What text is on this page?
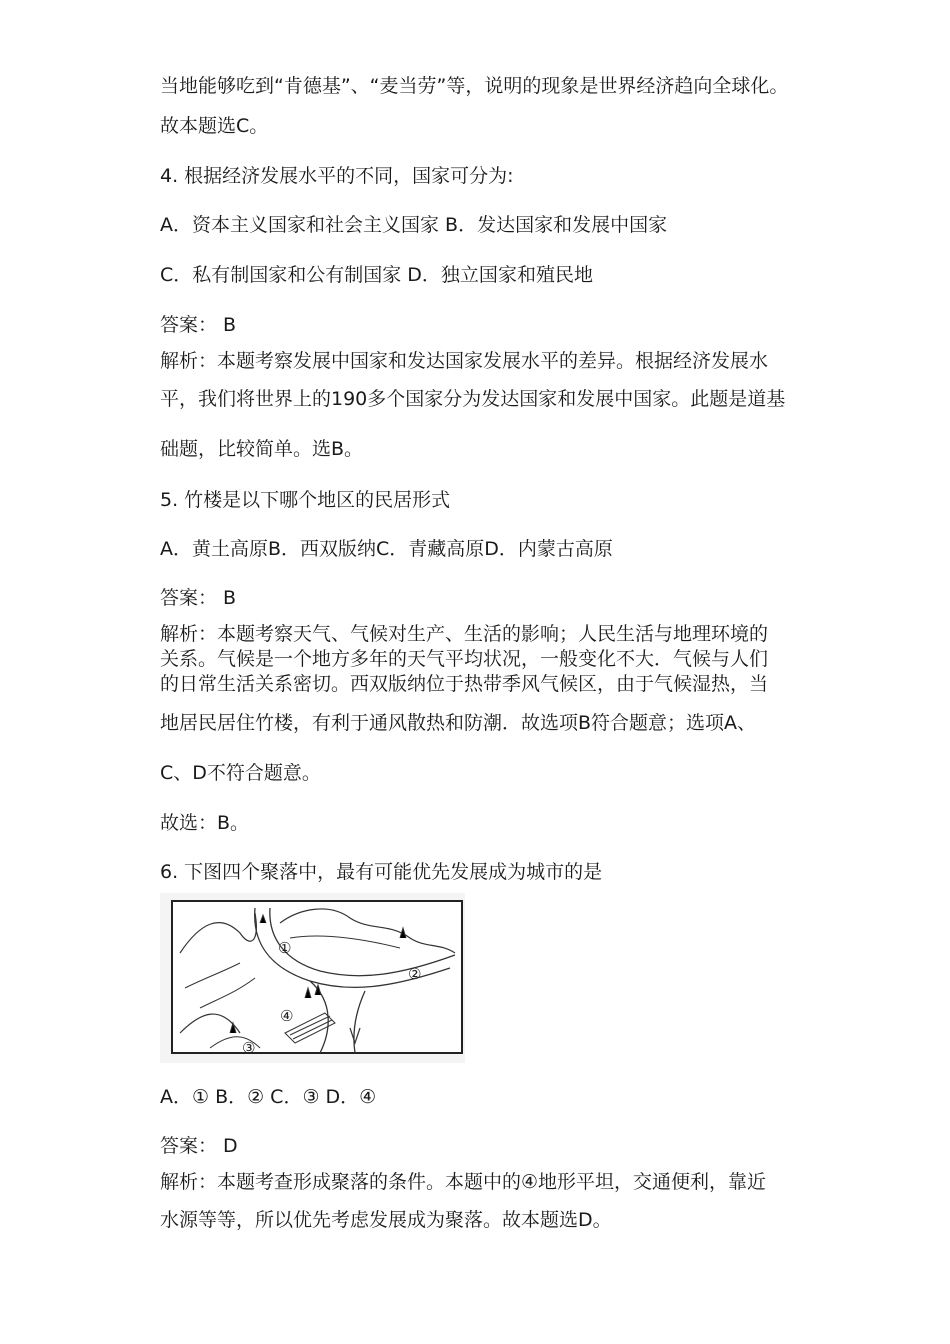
当地能够吃到“肯德基”、“麦当劳”等，说明的现象是世界经济趋向全球化。
故本题选C。
4. 根据经济发展水平的不同，国家可分为:
A．资本主义国家和社会主义国家 B．发达国家和发展中国家
C．私有制国家和公有制国家 D．独立国家和殖民地
答案： B
解析：本题考察发展中国家和发达国家发展水平的差异。根据经济发展水
平，我们将世界上的190多个国家分为发达国家和发展中国家。此题是道基
础题，比较简单。选B。
5. 竹楼是以下哪个地区的民居形式
A．黄土高原B．西双版纳C．青藏高原D．内蒙古高原
答案： B
解析：本题考察天气、气候对生产、生活的影响；人民生活与地理环境的
关系。气候是一个地方多年的天气平均状况，一般变化不大．气候与人们
的日常生活关系密切。西双版纳位于热带季风气候区，由于气候湿热，当
地居民居住竹楼，有利于通风散热和防潮．故选项B符合题意；选项A、
C、D不符合题意。
故选：B。
6. 下图四个聚落中，最有可能优先发展成为城市的是
①
②
③
④
A．① B．② C．③ D．④
答案： D
解析：本题考查形成聚落的条件。本题中的④地形平坦，交通便利，靠近
水源等等，所以优先考虑发展成为聚落。故本题选D。
